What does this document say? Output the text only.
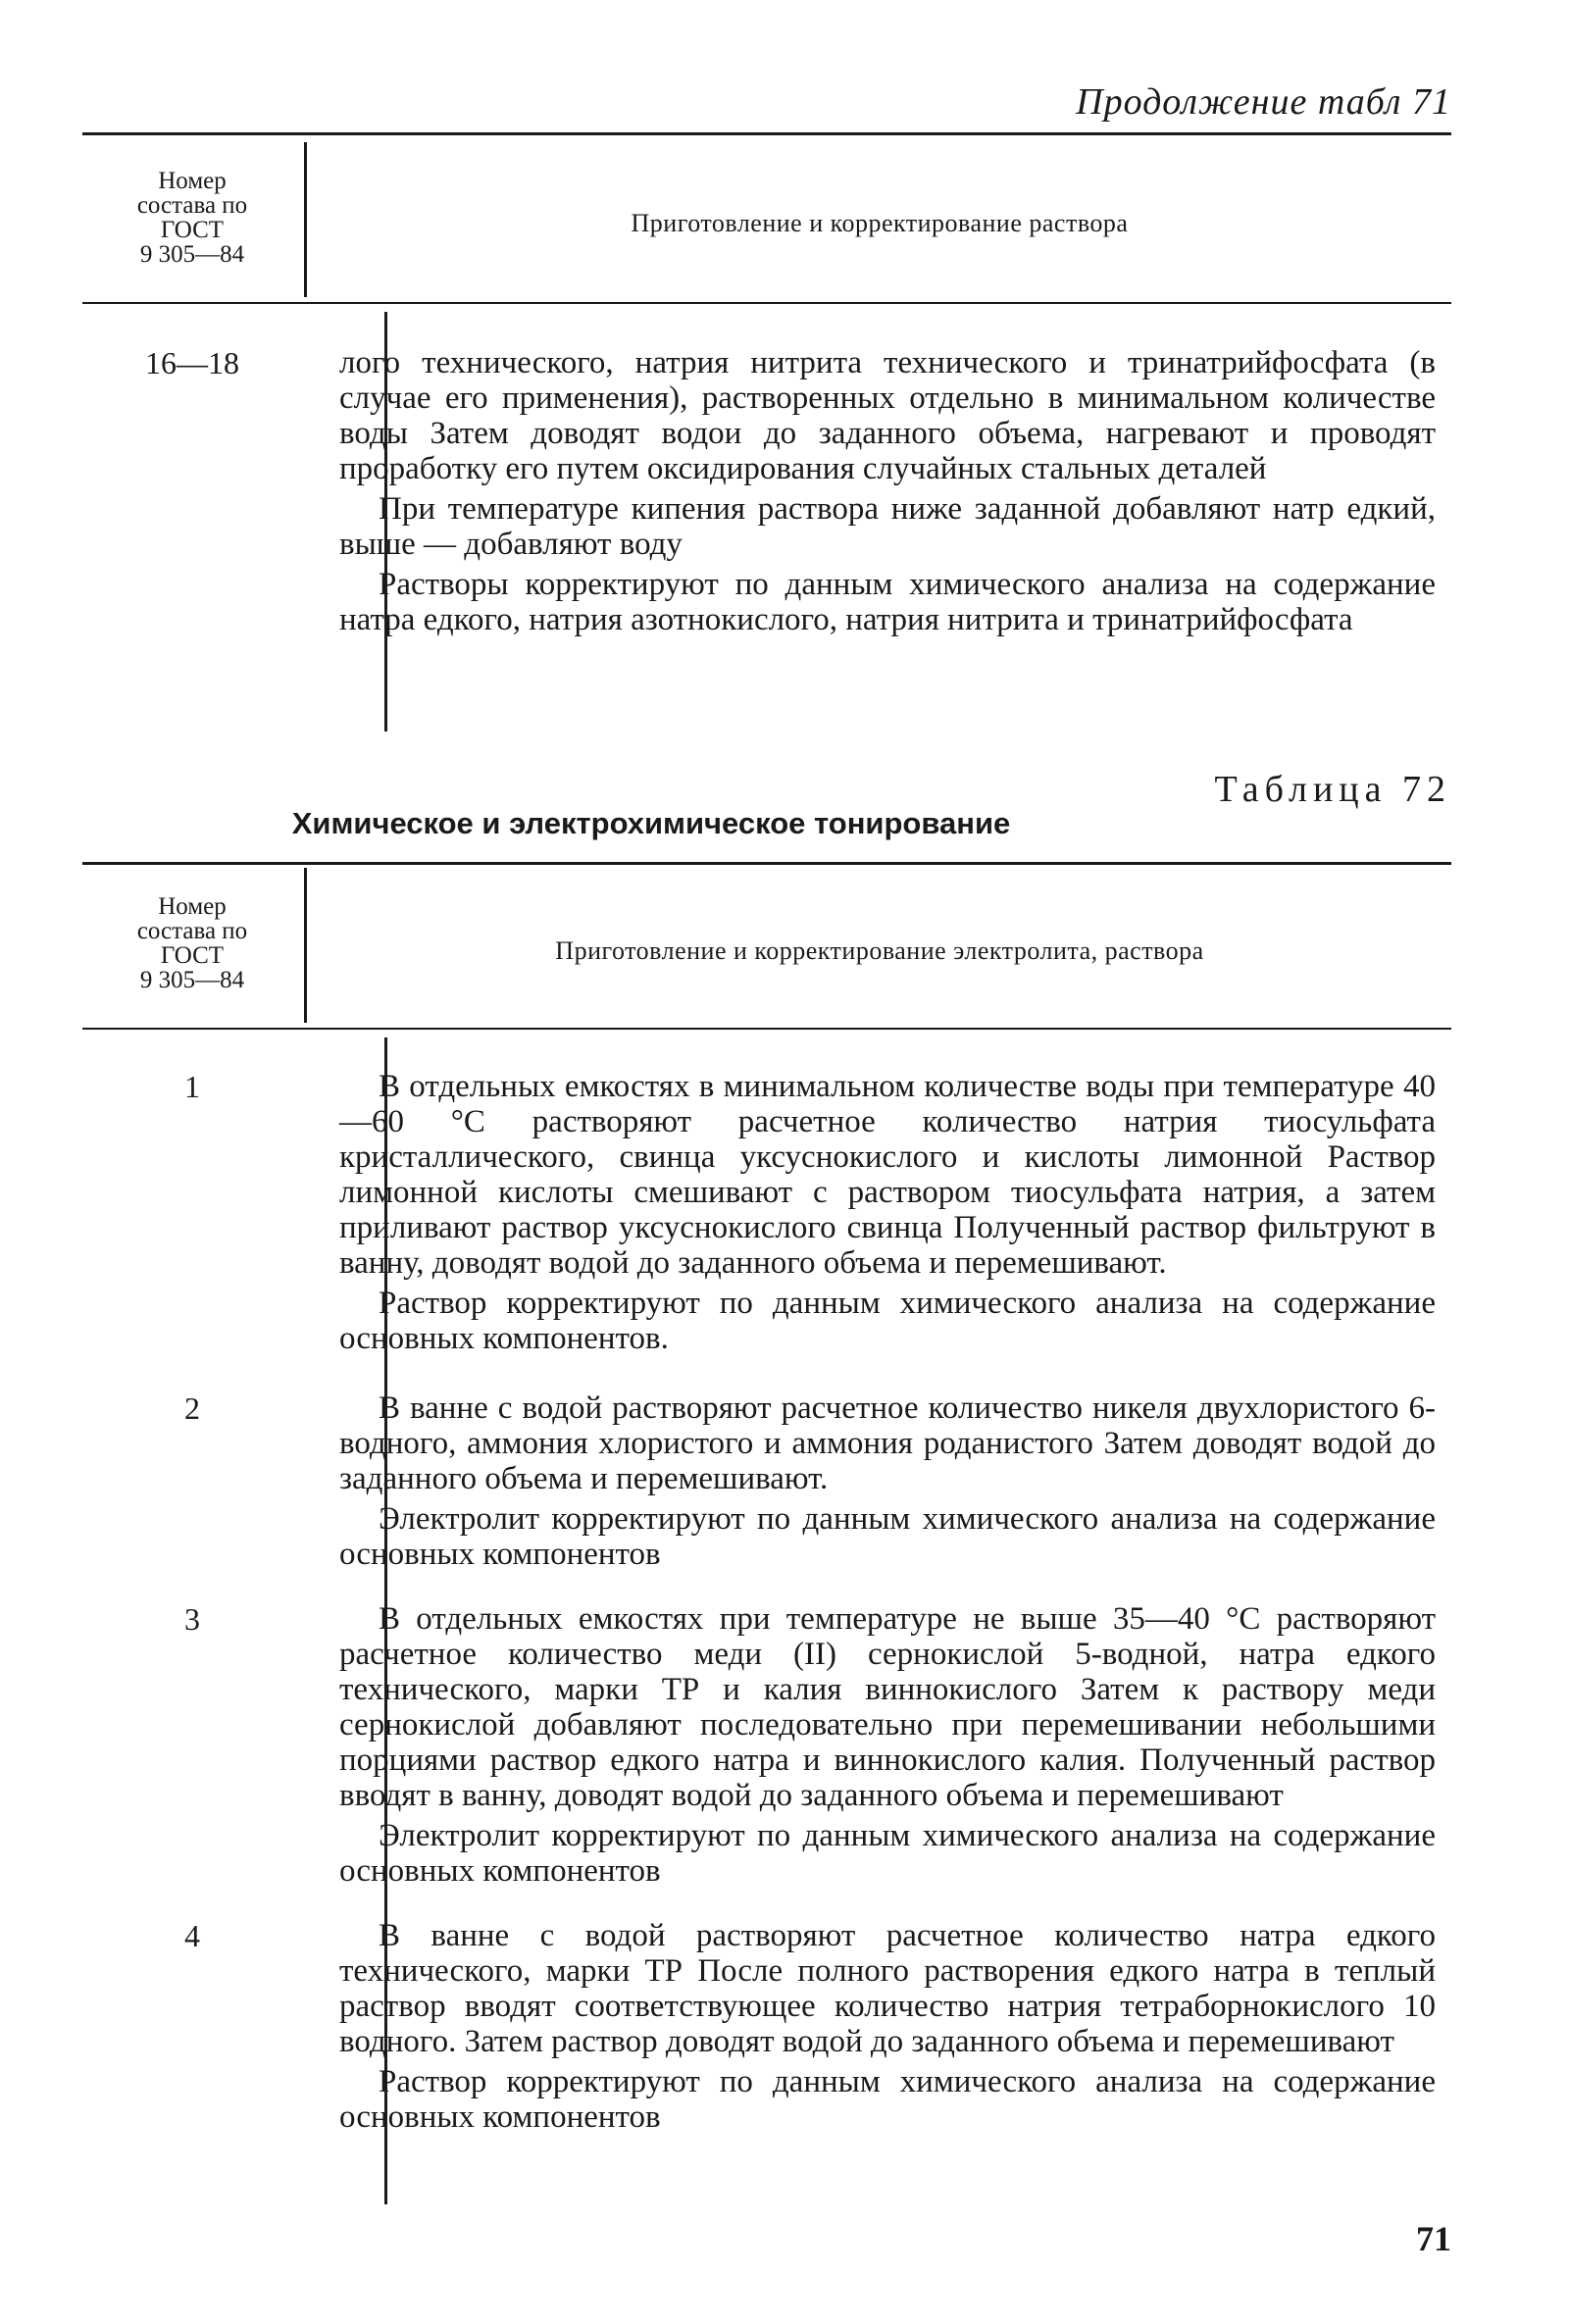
Продолжение табл 71
Номер
состава по
ГОСТ
9 305—84
Приготовление и корректирование раствора
16—18	лого технического, натрия нитрита технического и тринатрийфосфата (в случае его применения), растворенных отдельно в минимальном количестве воды Затем доводят водои до заданного объема, нагревают и проводят проработку его путем оксидирования случайных стальных деталей

При температуре кипения раствора ниже заданной добавляют натр едкий, выше — добавляют воду

Растворы корректируют по данным химического анализа на содержание натра едкого, натрия азотнокислого, натрия нитрита и тринатрийфосфата

Таблица 72
Химическое и электрохимическое тонирование
Номер
состава по
ГОСТ
9 305—84
Приготовление и корректирование электролита, раствора
1	В отдельных емкостях в минимальном количестве воды при температуре 40—60 °С растворяют расчетное количество натрия тиосульфата кристаллического, свинца уксуснокислого и кислоты лимонной Раствор лимонной кислоты смешивают с раствором тиосульфата натрия, а затем приливают раствор уксуснокислого свинца Полученный раствор фильтруют в ванну, доводят водой до заданного объема и перемешивают.

Раствор корректируют по данным химического анализа на содержание основных компонентов.

2	В ванне с водой растворяют расчетное количество никеля двухлористого 6-водного, аммония хлористого и аммония роданистого Затем доводят водой до заданного объема и перемешивают.

Электролит корректируют по данным химического анализа на содержание основных компонентов

3	В отдельных емкостях при температуре не выше 35—40 °С растворяют расчетное количество меди (II) сернокислой 5-водной, натра едкого технического, марки ТР и калия виннокислого Затем к раствору меди сернокислой добавляют последовательно при перемешивании небольшими порциями раствор едкого натра и виннокислого калия. Полученный раствор вводят в ванну, доводят водой до заданного объема и перемешивают

Электролит корректируют по данным химического анализа на содержание основных компонентов

4	В ванне с водой растворяют расчетное количество натра едкого технического, марки ТР После полного растворения едкого натра в теплый раствор вводят соответствующее количество натрия тетраборнокислого 10 водного. Затем раствор доводят водой до заданного объема и перемешивают

Раствор корректируют по данным химического анализа на содержание основных компонентов

71
